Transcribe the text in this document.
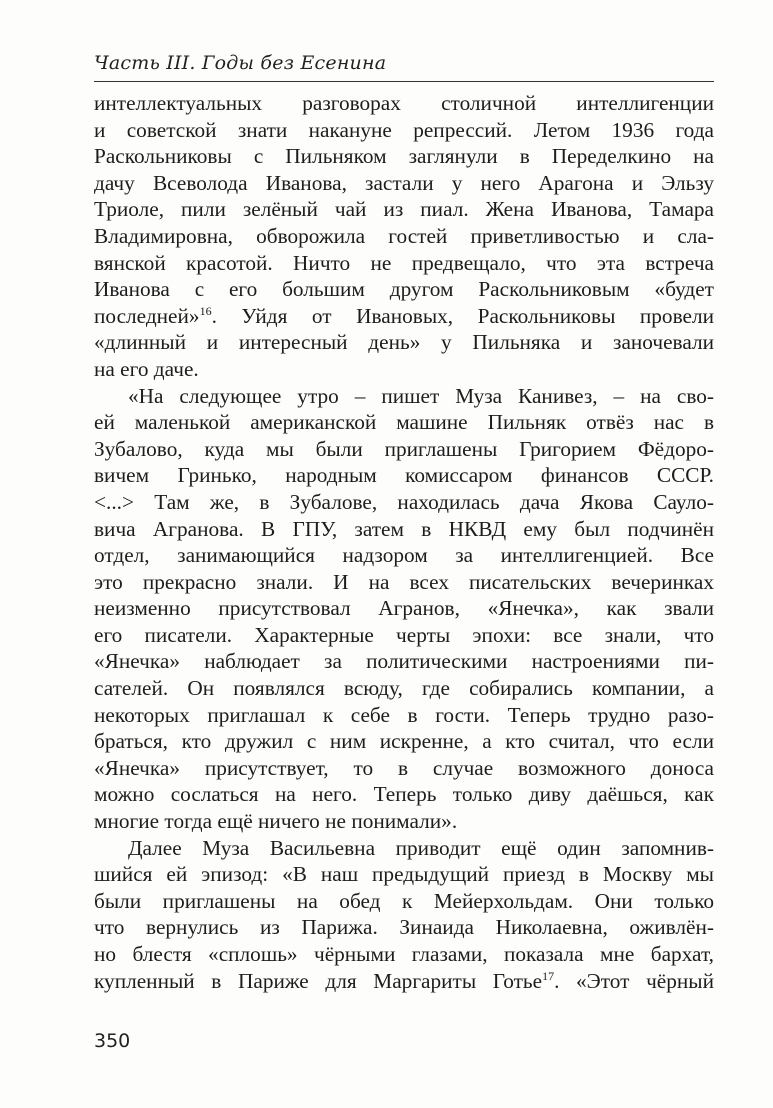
Часть III. Годы без Есенина
интеллектуальных разговорах столичной интеллигенции
и советской знати накануне репрессий. Летом 1936 года
Раскольниковы с Пильняком заглянули в Переделкино на
дачу Всеволода Иванова, застали у него Арагона и Эльзу
Триоле, пили зелёный чай из пиал. Жена Иванова, Тамара
Владимировна, обворожила гостей приветливостью и сла-
вянской красотой. Ничто не предвещало, что эта встреча
Иванова с его большим другом Раскольниковым «будет
последней»$^{16}$. Уйдя от Ивановых, Раскольниковы провели
«длинный и интересный день» у Пильняка и заночевали
на его даче.
«На следующее утро – пишет Муза Канивез, – на сво-
ей маленькой американской машине Пильняк отвёз нас в
Зубалово, куда мы были приглашены Григорием Фёдоро-
вичем Гринько, народным комиссаром финансов СССР.
<...> Там же, в Зубалове, находилась дача Якова Саулo-
вича Агранова. В ГПУ, затем в НКВД ему был подчинён
отдел, занимающийся надзором за интеллигенцией. Все
это прекрасно знали. И на всех писательских вечеринках
неизменно присутствовал Агранов, «Янечка», как звали
его писатели. Характерные черты эпохи: все знали, что
«Янечка» наблюдает за политическими настроениями пи-
сателей. Он появлялся всюду, где собирались компании, а
некоторых приглашал к себе в гости. Теперь трудно разо-
браться, кто дружил с ним искренне, а кто считал, что если
«Янечка» присутствует, то в случае возможного доноса
можно сослаться на него. Теперь только диву даёшься, как
многие тогда ещё ничего не понимали».
Далее Муза Васильевна приводит ещё один запомнив-
шийся ей эпизод: «В наш предыдущий приезд в Москву мы
были приглашены на обед к Мейерхольдам. Они только
что вернулись из Парижа. Зинаида Николаевна, оживлён-
но блестя «сплошь» чёрными глазами, показала мне бархат,
купленный в Париже для Маргариты Готье$^{17}$. «Этот чёрный
350
